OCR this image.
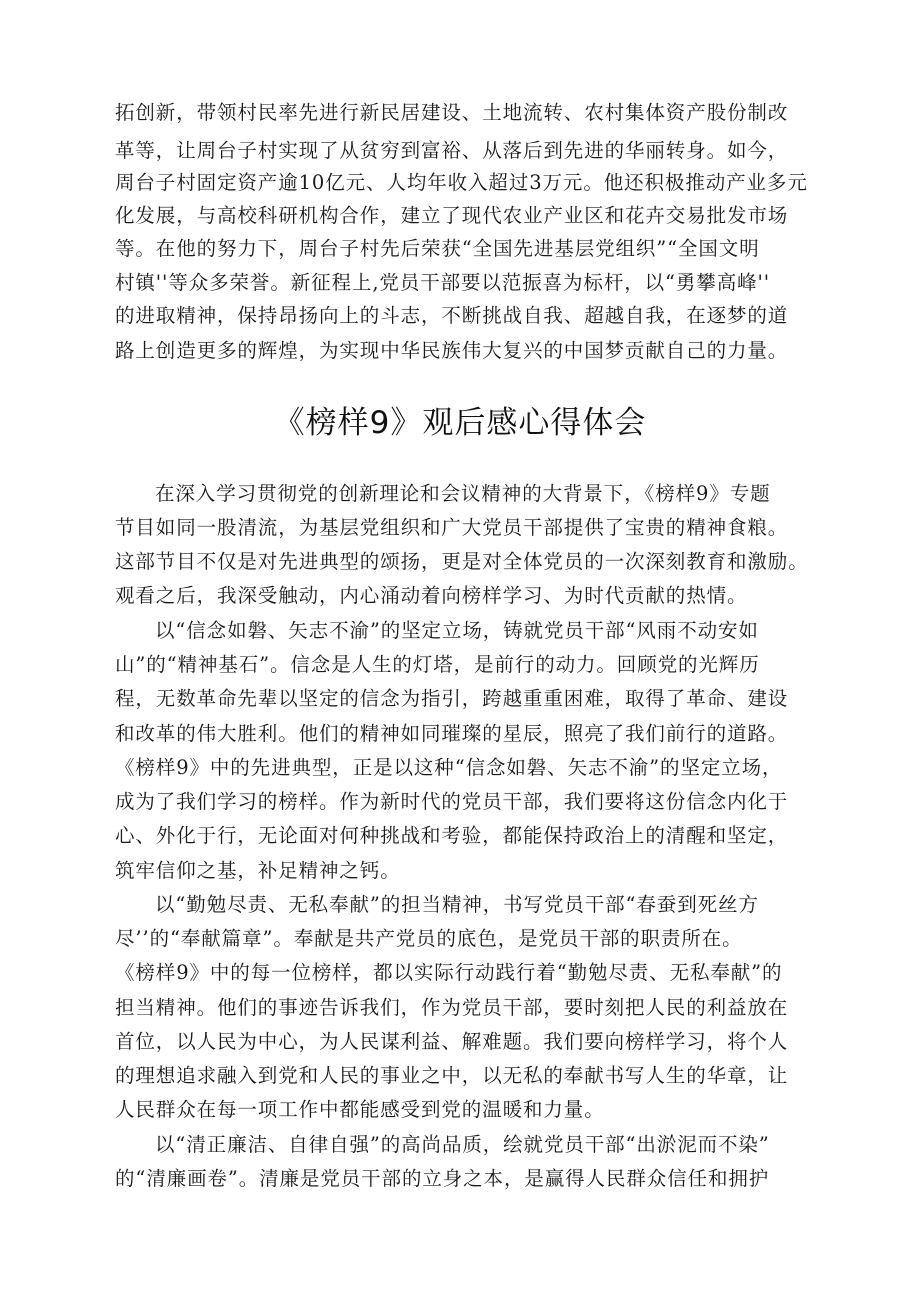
拓创新，带领村民率先进行新民居建设、土地流转、农村集体资产股份制改
革等，让周台子村实现了从贫穷到富裕、从落后到先进的华丽转身。如今，
周台子村固定资产逾10亿元、人均年收入超过3万元。他还积极推动产业多元
化发展，与高校科研机构合作，建立了现代农业产业区和花卉交易批发市场
等。在他的努力下，周台子村先后荣获“全国先进基层党组织”“全国文明
村镇''等众多荣誉。新征程上,党员干部要以范振喜为标杆，以“勇攀高峰''
的进取精神，保持昂扬向上的斗志，不断挑战自我、超越自我，在逐梦的道
路上创造更多的辉煌，为实现中华民族伟大复兴的中国梦贡献自己的力量。
《榜样9》观后感心得体会
在深入学习贯彻党的创新理论和会议精神的大背景下，《榜样9》专题
节目如同一股清流，为基层党组织和广大党员干部提供了宝贵的精神食粮。
这部节目不仅是对先进典型的颂扬，更是对全体党员的一次深刻教育和激励。
观看之后，我深受触动，内心涌动着向榜样学习、为时代贡献的热情。
以“信念如磐、矢志不渝”的坚定立场，铸就党员干部“风雨不动安如
山”的“精神基石”。信念是人生的灯塔，是前行的动力。回顾党的光辉历
程，无数革命先辈以坚定的信念为指引，跨越重重困难，取得了革命、建设
和改革的伟大胜利。他们的精神如同璀璨的星辰，照亮了我们前行的道路。
《榜样9》中的先进典型，正是以这种“信念如磐、矢志不渝”的坚定立场，
成为了我们学习的榜样。作为新时代的党员干部，我们要将这份信念内化于
心、外化于行，无论面对何种挑战和考验，都能保持政治上的清醒和坚定，
筑牢信仰之基，补足精神之钙。
以“勤勉尽责、无私奉献”的担当精神，书写党员干部“春蚕到死丝方
尽’’的“奉献篇章”。奉献是共产党员的底色，是党员干部的职责所在。
《榜样9》中的每一位榜样，都以实际行动践行着“勤勉尽责、无私奉献”的
担当精神。他们的事迹告诉我们，作为党员干部，要时刻把人民的利益放在
首位，以人民为中心，为人民谋利益、解难题。我们要向榜样学习，将个人
的理想追求融入到党和人民的事业之中，以无私的奉献书写人生的华章，让
人民群众在每一项工作中都能感受到党的温暖和力量。
以“清正廉洁、自律自强”的高尚品质，绘就党员干部“出淤泥而不染”
的“清廉画卷”。清廉是党员干部的立身之本，是赢得人民群众信任和拥护
